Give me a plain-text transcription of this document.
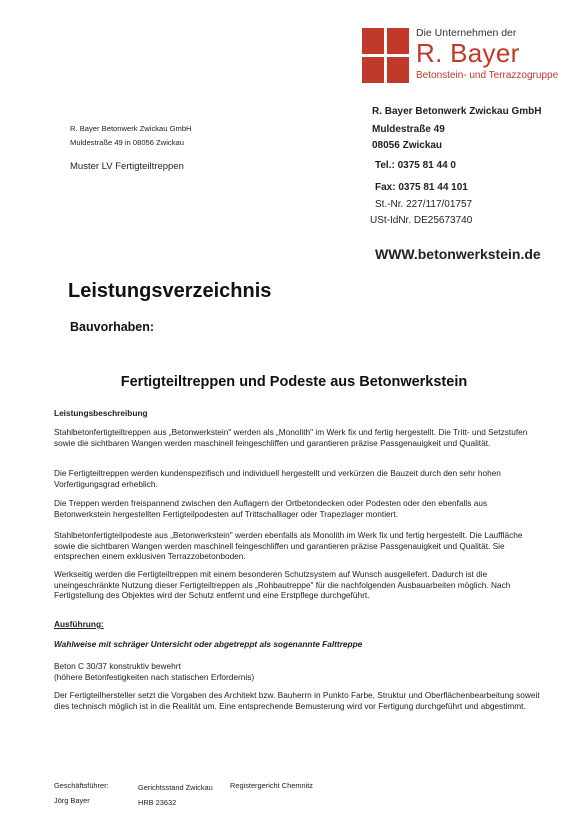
Die Unternehmen der
R. Bayer
Betonstein- und Terrazzogruppe
R. Bayer Betonwerk Zwickau GmbH
Muldestraße 49 in 08056 Zwickau
Muster LV Fertigteiltreppen
R. Bayer Betonwerk Zwickau GmbH
Muldestraße 49
08056 Zwickau
Tel.: 0375 81 44 0
Fax: 0375 81 44 101
St.-Nr. 227/117/01757
USt-IdNr. DE25673740
WWW.betonwerkstein.de
Leistungsverzeichnis
Bauvorhaben:
Fertigteiltreppen und Podeste aus Betonwerkstein
Leistungsbeschreibung
Stahlbetonfertigteiltreppen aus „Betonwerkstein" werden als „Monolith" im Werk fix und fertig hergestellt. Die Tritt- und Setzstufen sowie die sichtbaren Wangen werden maschinell feingeschliffen und garantieren präzise Passgenauigkeit und Qualität.
Die Fertigteiltreppen werden kundenspezifisch und individuell hergestellt und verkürzen die Bauzeit durch den sehr hohen Vorfertigungsgrad erheblich.
Die Treppen werden freispannend zwischen den Auflagern der Ortbetondecken oder Podesten oder den ebenfalls aus Betonwerkstein hergestellten Fertigteilpodesten auf Trittschalllager oder Trapezlager montiert.
Stahlbetonfertigteilpodeste aus „Betonwerkstein" werden ebenfalls als Monolith im Werk fix und fertig hergestellt. Die Lauffläche sowie die sichtbaren Wangen werden maschinell feingeschliffen und garantieren präzise Passgenauigkeit und Qualität. Sie entsprechen einem exklusiven Terrazzobetonboden.
Werkseitig werden die Fertigteiltreppen mit einem besonderen Schutzsystem auf Wunsch ausgeliefert. Dadurch ist die uneingeschränkte Nutzung dieser Fertigteiltreppen als „Rohbautreppe" für die nachfolgenden Ausbauarbeiten möglich. Nach Fertigstellung des Objektes wird der Schutz entfernt und eine Erstpflege durchgeführt.
Ausführung:
Wahlweise mit schräger Untersicht oder abgetreppt als sogenannte Falttreppe
Beton C 30/37 konstruktiv bewehrt
(höhere Betonfestigkeiten nach statischen Erfordernis)
Der Fertigteilhersteller setzt die Vorgaben des Architekt bzw. Bauherrn in Punkto Farbe, Struktur und Oberflächenbearbeitung soweit dies technisch möglich ist in die Realität um. Eine entsprechende Bemusterung wird vor Fertigung durchgeführt und abgestimmt.
Geschäftsführer:
Jörg Bayer
Gerichtsstand Zwickau
HRB 23632
Registergericht Chemnitz
